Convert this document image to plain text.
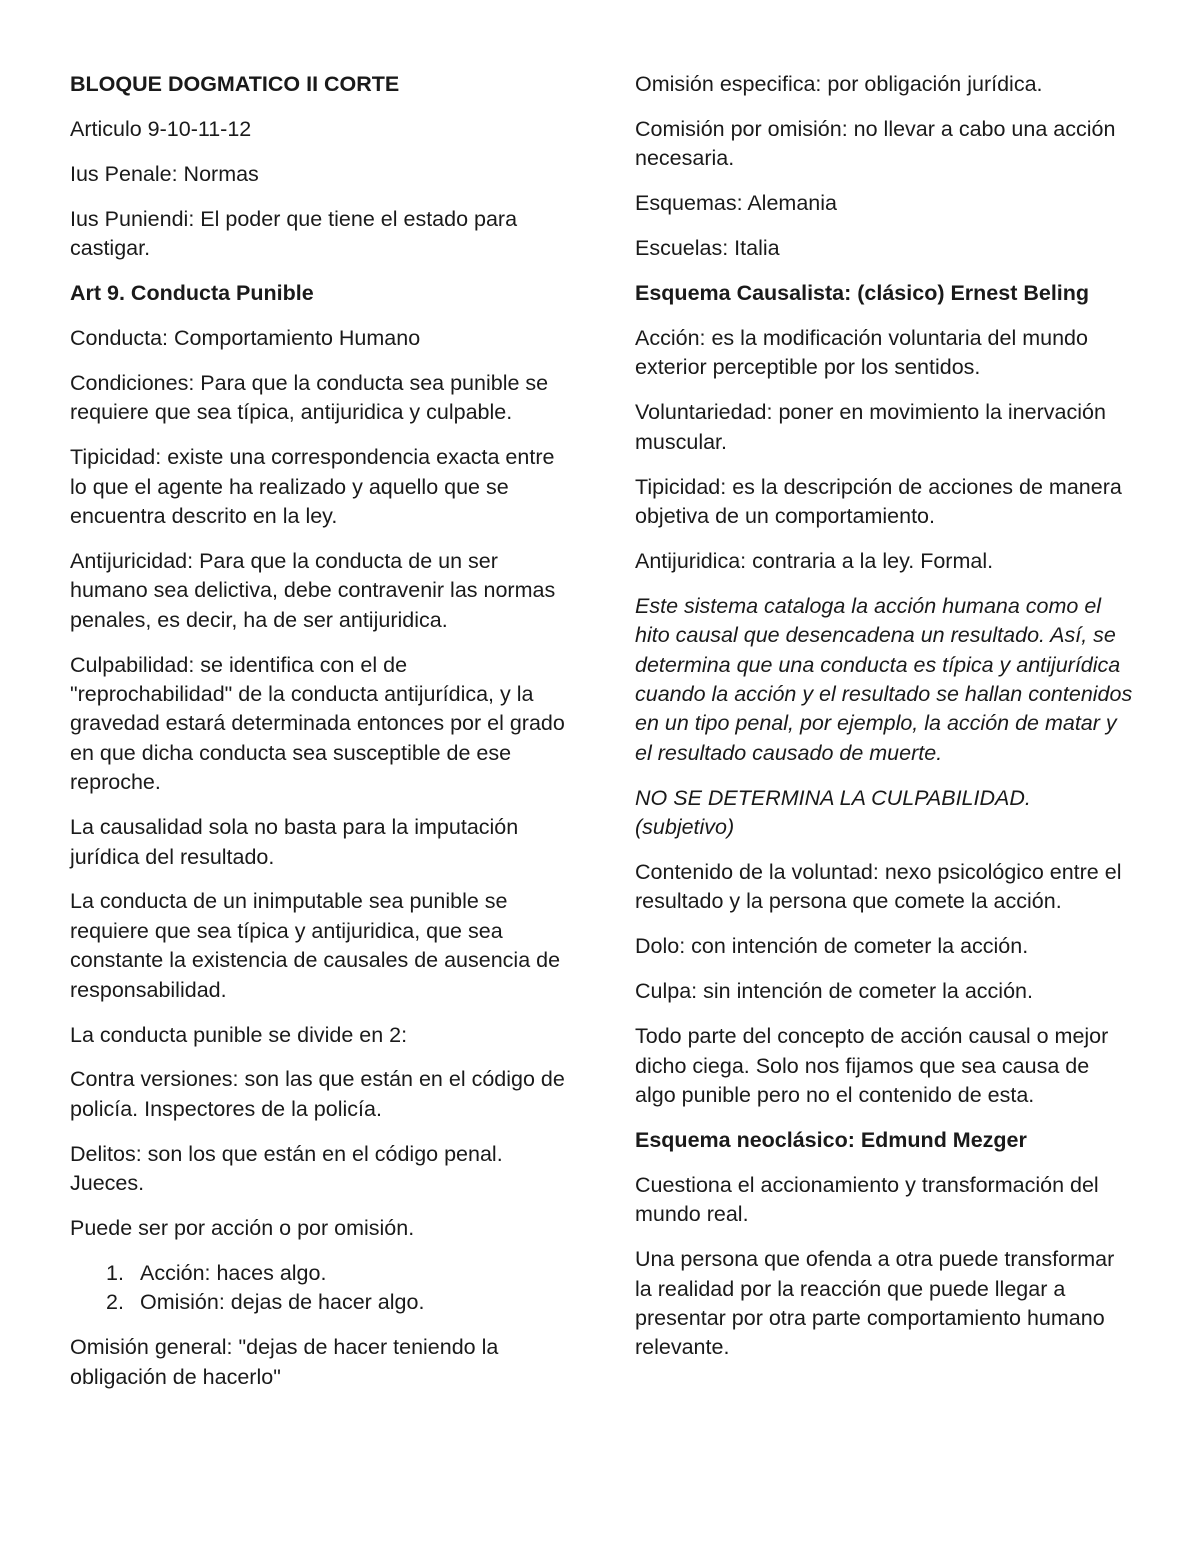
BLOQUE DOGMATICO II CORTE

Articulo 9-10-11-12

Ius Penale: Normas

Ius Puniendi: El poder que tiene el estado para castigar.

Art 9. Conducta Punible

Conducta: Comportamiento Humano

Condiciones: Para que la conducta sea punible se requiere que sea típica, antijuridica y culpable.

Tipicidad: existe una correspondencia exacta entre lo que el agente ha realizado y aquello que se encuentra descrito en la ley.

Antijuricidad: Para que la conducta de un ser humano sea delictiva, debe contravenir las normas penales, es decir, ha de ser antijuridica.

Culpabilidad: se identifica con el de "reprochabilidad" de la conducta antijurídica, y la gravedad estará determinada entonces por el grado en que dicha conducta sea susceptible de ese reproche.

La causalidad sola no basta para la imputación jurídica del resultado.

La conducta de un inimputable sea punible se requiere que sea típica y antijuridica, que sea constante la existencia de causales de ausencia de responsabilidad.

La conducta punible se divide en 2:

Contra versiones: son las que están en el código de policía. Inspectores de la policía.

Delitos: son los que están en el código penal. Jueces.

Puede ser por acción o por omisión.

1. Acción: haces algo.
2. Omisión: dejas de hacer algo.

Omisión general: "dejas de hacer teniendo la obligación de hacerlo"

Omisión especifica: por obligación jurídica.

Comisión por omisión: no llevar a cabo una acción necesaria.

Esquemas: Alemania

Escuelas: Italia

Esquema Causalista: (clásico) Ernest Beling

Acción: es la modificación voluntaria del mundo exterior perceptible por los sentidos.

Voluntariedad: poner en movimiento la inervación muscular.

Tipicidad: es la descripción de acciones de manera objetiva de un comportamiento.

Antijuridica: contraria a la ley. Formal.

Este sistema cataloga la acción humana como el hito causal que desencadena un resultado. Así, se determina que una conducta es típica y antijurídica cuando la acción y el resultado se hallan contenidos en un tipo penal, por ejemplo, la acción de matar y el resultado causado de muerte.

NO SE DETERMINA LA CULPABILIDAD. (subjetivo)

Contenido de la voluntad: nexo psicológico entre el resultado y la persona que comete la acción.

Dolo: con intención de cometer la acción.

Culpa: sin intención de cometer la acción.

Todo parte del concepto de acción causal o mejor dicho ciega. Solo nos fijamos que sea causa de algo punible pero no el contenido de esta.

Esquema neoclásico: Edmund Mezger

Cuestiona el accionamiento y transformación del mundo real.

Una persona que ofenda a otra puede transformar la realidad por la reacción que puede llegar a presentar por otra parte comportamiento humano relevante.
